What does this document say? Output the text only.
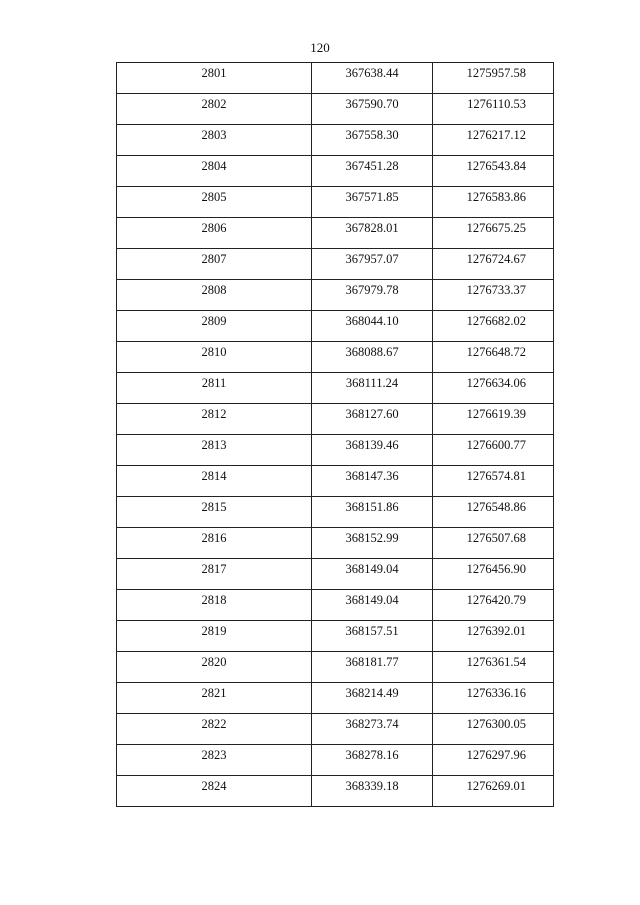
120
2801	367638.44	1275957.58

2802	367590.70	1276110.53

2803	367558.30	1276217.12

2804	367451.28	1276543.84

2805	367571.85	1276583.86

2806	367828.01	1276675.25

2807	367957.07	1276724.67

2808	367979.78	1276733.37

2809	368044.10	1276682.02

2810	368088.67	1276648.72

2811	368111.24	1276634.06

2812	368127.60	1276619.39

2813	368139.46	1276600.77

2814	368147.36	1276574.81

2815	368151.86	1276548.86

2816	368152.99	1276507.68

2817	368149.04	1276456.90

2818	368149.04	1276420.79

2819	368157.51	1276392.01

2820	368181.77	1276361.54

2821	368214.49	1276336.16

2822	368273.74	1276300.05

2823	368278.16	1276297.96

2824	368339.18	1276269.01
